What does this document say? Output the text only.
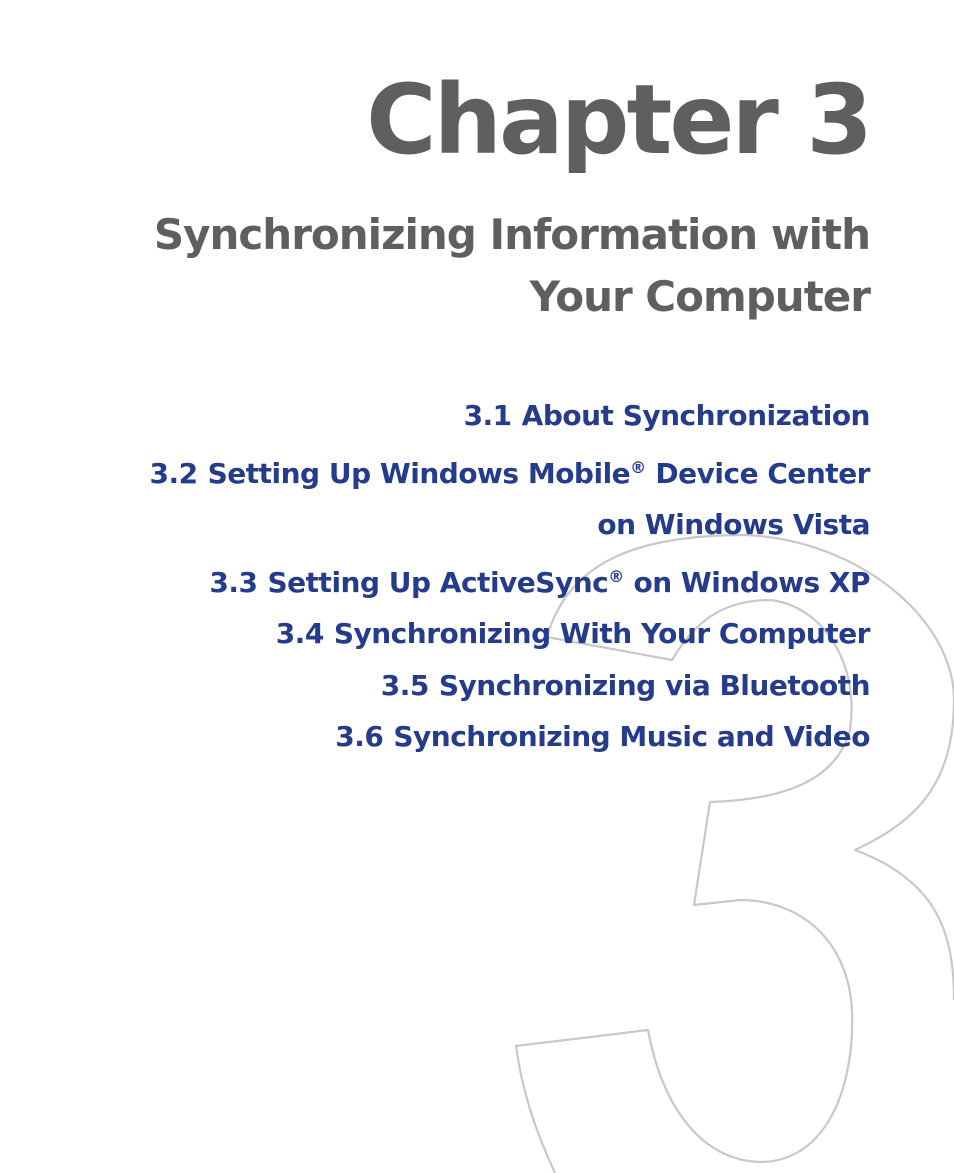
Chapter 3
Synchronizing Information with
Your Computer
3.1 About Synchronization
3.2 Setting Up Windows Mobile® Device Center
on Windows Vista
3.3 Setting Up ActiveSync® on Windows XP
3.4 Synchronizing With Your Computer
3.5 Synchronizing via Bluetooth
3.6 Synchronizing Music and Video
